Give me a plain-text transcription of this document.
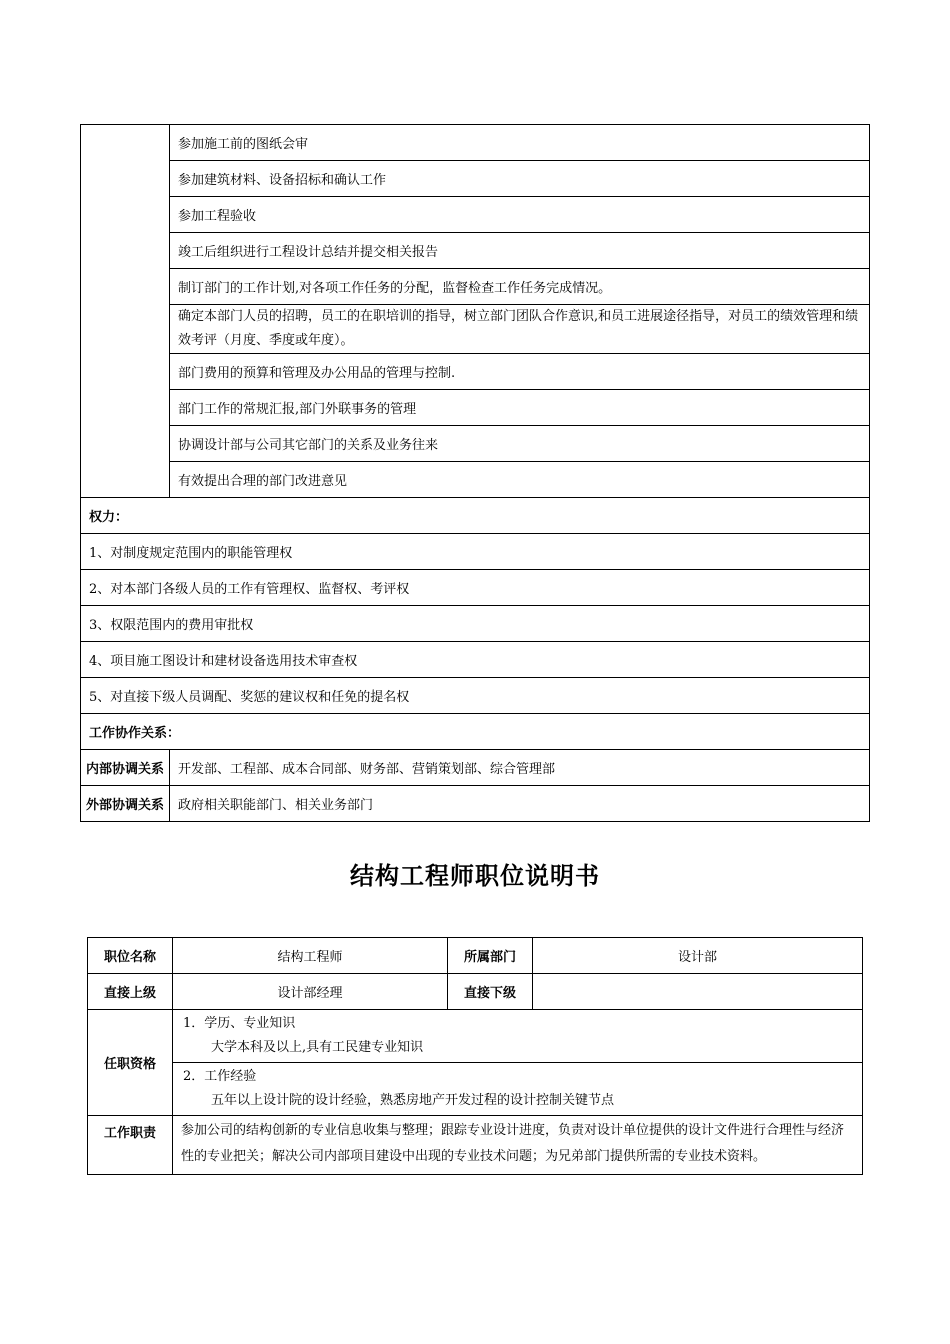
	参加施工前的图纸会审
	参加建筑材料、设备招标和确认工作
	参加工程验收
	竣工后组织进行工程设计总结并提交相关报告
	制订部门的工作计划,对各项工作任务的分配，监督检查工作任务完成情况。
	确定本部门人员的招聘，员工的在职培训的指导，树立部门团队合作意识,和员工进展途径指导，对员工的绩效管理和绩效考评（月度、季度或年度）。
	部门费用的预算和管理及办公用品的管理与控制.
	部门工作的常规汇报,部门外联事务的管理
	协调设计部与公司其它部门的关系及业务往来
	有效提出合理的部门改进意见
权力：	
1、对制度规定范围内的职能管理权	
2、对本部门各级人员的工作有管理权、监督权、考评权	
3、权限范围内的费用审批权	
4、项目施工图设计和建材设备选用技术审查权	
5、对直接下级人员调配、奖惩的建议权和任免的提名权	
工作协作关系：	
内部协调关系	开发部、工程部、成本合同部、财务部、营销策划部、综合管理部
外部协调关系	政府相关职能部门、相关业务部门
结构工程师职位说明书
职位名称	结构工程师	所属部门	设计部
直接上级	设计部经理	直接下级	
任职资格	1．学历、专业知识
大学本科及以上,具有工民建专业知识		

	2．工作经验
五年以上设计院的设计经验，熟悉房地产开发过程的设计控制关键节点		

工作职责	参加公司的结构创新的专业信息收集与整理；跟踪专业设计进度，负责对设计单位提供的设计文件进行合理性与经济性的专业把关；解决公司内部项目建设中出现的专业技术问题；为兄弟部门提供所需的专业技术资料。		
